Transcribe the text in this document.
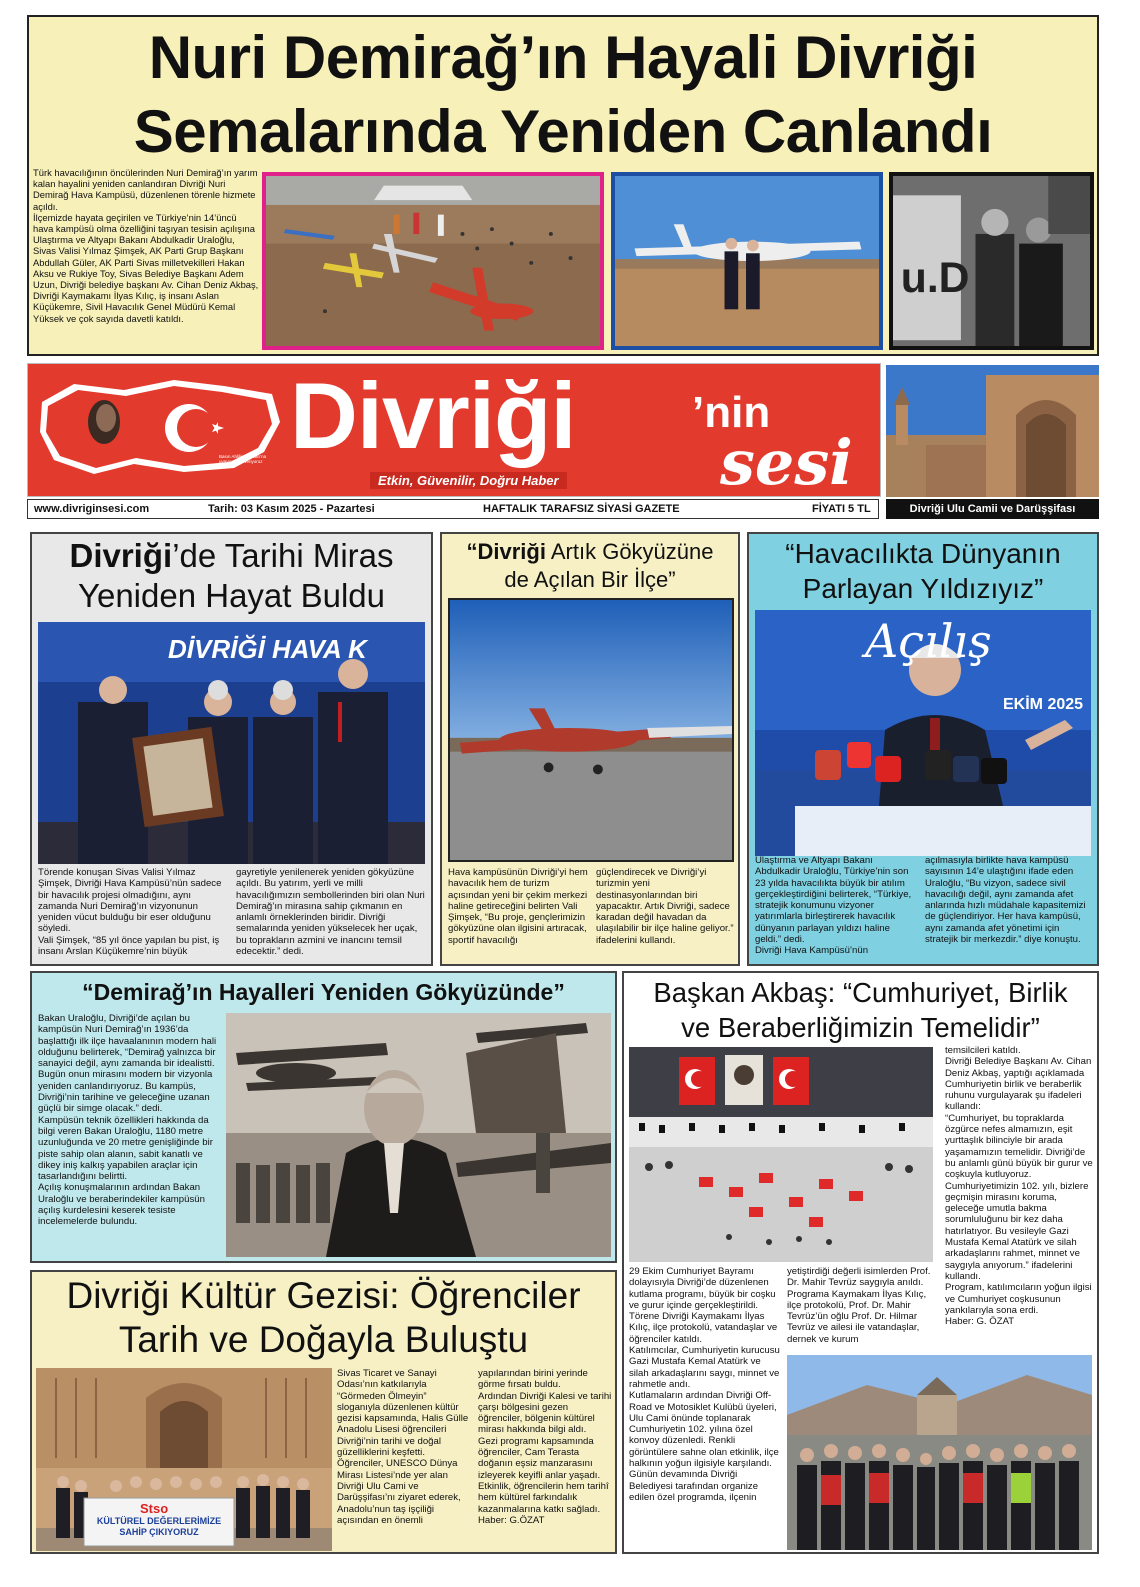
Nuri Demirağ’ın Hayali Divriği
Semalarında Yeniden Canlandı
Türk havacılığının öncülerinden Nuri Demirağ’ın yarım kalan hayalini yeniden canlandıran Divriği Nuri Demirağ Hava Kampüsü, düzenlenen törenle hizmete açıldı.
İlçemizde hayata geçirilen ve Türkiye’nin 14’üncü hava kampüsü olma özelliğini taşıyan tesisin açılışına Ulaştırma ve Altyapı Bakanı Abdulkadir Uraloğlu, Sivas Valisi Yılmaz Şimşek, AK Parti Grup Başkanı Abdullah Güler, AK Parti Sivas milletvekilleri Hakan Aksu ve Rukiye Toy, Sivas Belediye Başkanı Adem Uzun, Divriği belediye başkanı Av. Cihan Deniz Akbaş, Divriği Kaymakamı İlyas Kılıç, iş insanı Aslan Küçükemre, Sivil Havacılık Genel Müdürü Kemal Yüksek ve çok sayıda davetli katıldı.
u.D
Basın Ahlâk Esasları'na uymaya söz veriyoruz Divriği	’nin
sesi
Etkin, Güvenilir, Doğru Haber
www.divriginsesi.com	Tarih: 03 Kasım 2025 - Pazartesi	HAFTALIK TARAFSIZ SİYASİ GAZETE	FİYATI 5 TL	Divriği Ulu Camii ve Darüşşifası
Divriği’de Tarihi Miras
Yeniden Hayat Buldu
DİVRİĞİ HAVA K
Törende konuşan Sivas Valisi Yılmaz Şimşek, Divriği Hava Kampüsü’nün sadece bir havacılık projesi olmadığını, aynı zamanda Nuri Demirağ’ın vizyonunun yeniden vücut bulduğu bir eser olduğunu söyledi.
Vali Şimşek, “85 yıl önce yapılan bu pist, iş insanı Arslan Küçükemre’nin büyük
gayretiyle yenilenerek yeniden gökyüzüne açıldı. Bu yatırım, yerli ve milli havacılığımızın sembollerinden biri olan Nuri Demirağ’ın mirasına sahip çıkmanın en anlamlı örneklerinden biridir. Divriği semalarında yeniden yükselecek her uçak, bu toprakların azmini ve inancını temsil edecektir.” dedi.
“Divriği Artık Gökyüzüne
de Açılan Bir İlçe”
Hava kampüsünün Divriği’yi hem havacılık hem de turizm açısından yeni bir çekim merkezi haline getireceğini belirten Vali Şimşek, “Bu proje, gençlerimizin gökyüzüne olan ilgisini artıracak, sportif havacılığı
güçlendirecek ve Divriği’yi turizmin yeni destinasyonlarından biri yapacaktır. Artık Divriği, sadece karadan değil havadan da ulaşılabilir bir ilçe haline geliyor.” ifadelerini kullandı.
“Havacılıkta Dünyanın
Parlayan Yıldızıyız”
Açılış
EKİM 2025
Ulaştırma ve Altyapı Bakanı Abdulkadir Uraloğlu, Türkiye’nin son 23 yılda havacılıkta büyük bir atılım gerçekleştirdiğini belirterek, “Türkiye, stratejik konumunu vizyoner yatırımlarla birleştirerek havacılık dünyanın parlayan yıldızı haline geldi.” dedi.
Divriği Hava Kampüsü’nün
açılmasıyla birlikte hava kampüsü sayısının 14’e ulaştığını ifade eden Uraloğlu, “Bu vizyon, sadece sivil havacılığı değil, aynı zamanda afet anlarında hızlı müdahale kapasitemizi de güçlendiriyor. Her hava kampüsü, aynı zamanda afet yönetimi için stratejik bir merkezdir.” diye konuştu.
“Demirağ’ın Hayalleri Yeniden Gökyüzünde”
Bakan Uraloğlu, Divriği’de açılan bu kampüsün Nuri Demirağ’ın 1936’da başlattığı ilk ilçe havaalanının modern hali olduğunu belirterek, “Demirağ yalnızca bir sanayici değil, aynı zamanda bir idealistti. Bugün onun mirasını modern bir vizyonla yeniden canlandırıyoruz. Bu kampüs, Divriği’nin tarihine ve geleceğine uzanan güçlü bir simge olacak.” dedi.
Kampüsün teknik özellikleri hakkında da bilgi veren Bakan Uraloğlu, 1180 metre uzunluğunda ve 20 metre genişliğinde bir piste sahip olan alanın, sabit kanatlı ve dikey iniş kalkış yapabilen araçlar için tasarlandığını belirtti.
Açılış konuşmalarının ardından Bakan Uraloğlu ve beraberindekiler kampüsün açılış kurdelesini keserek tesiste incelemelerde bulundu.
Başkan Akbaş: “Cumhuriyet, Birlik
ve Beraberliğimizin Temelidir”
29 Ekim Cumhuriyet Bayramı dolayısıyla Divriği’de düzenlenen kutlama programı, büyük bir coşku ve gurur içinde gerçekleştirildi.
Törene Divriği Kaymakamı İlyas Kılıç, ilçe protokolü, vatandaşlar ve öğrenciler katıldı.
Katılımcılar, Cumhuriyetin kurucusu Gazi Mustafa Kemal Atatürk ve silah arkadaşlarını saygı, minnet ve rahmetle andı.
Kutlamaların ardından Divriği Off-Road ve Motosiklet Kulübü üyeleri, Ulu Cami önünde toplanarak Cumhuriyetin 102. yılına özel konvoy düzenledi. Renkli görüntülere sahne olan etkinlik, ilçe halkının yoğun ilgisiyle karşılandı.
Günün devamında Divriği Belediyesi tarafından organize edilen özel programda, ilçenin
yetiştirdiği değerli isimlerden Prof. Dr. Mahir Tevrüz saygıyla anıldı. Programa Kaymakam İlyas Kılıç, ilçe protokolü, Prof. Dr. Mahir Tevrüz’ün oğlu Prof. Dr. Hilmar Tevrüz ve ailesi ile vatandaşlar, dernek ve kurum
temsilcileri katıldı.
Divriği Belediye Başkanı Av. Cihan Deniz Akbaş, yaptığı açıklamada Cumhuriyetin birlik ve beraberlik ruhunu vurgulayarak şu ifadeleri kullandı:
“Cumhuriyet, bu topraklarda özgürce nefes almamızın, eşit yurttaşlık bilinciyle bir arada yaşamamızın temelidir. Divriği’de bu anlamlı günü büyük bir gurur ve coşkuyla kutluyoruz. Cumhuriyetimizin 102. yılı, bizlere geçmişin mirasını koruma, geleceğe umutla bakma sorumluluğunu bir kez daha hatırlatıyor. Bu vesileyle Gazi Mustafa Kemal Atatürk ve silah arkadaşlarını rahmet, minnet ve saygıyla anıyorum.” ifadelerini kullandı.
Program, katılımcıların yoğun ilgisi ve Cumhuriyet coşkusunun yankılarıyla sona erdi.
Haber: G. ÖZAT
Divriği Kültür Gezisi: Öğrenciler
Tarih ve Doğayla Buluştu
Stso
KÜLTÜREL DEĞERLERİMİZE SAHİP ÇIKIYORUZ
Sivas Ticaret ve Sanayi Odası’nın katkılarıyla “Görmeden Ölmeyin” sloganıyla düzenlenen kültür gezisi kapsamında, Halis Gülle Anadolu Lisesi öğrencileri Divriği’nin tarihi ve doğal güzelliklerini keşfetti.
Öğrenciler, UNESCO Dünya Mirası Listesi’nde yer alan Divriği Ulu Cami ve Darüşşifası’nı ziyaret ederek, Anadolu’nun taş işçiliği açısından en önemli
yapılarından birini yerinde görme fırsatı buldu.
Ardından Divriği Kalesi ve tarihi çarşı bölgesini gezen öğrenciler, bölgenin kültürel mirası hakkında bilgi aldı.
Gezi programı kapsamında öğrenciler, Cam Terasta doğanın eşsiz manzarasını izleyerek keyifli anlar yaşadı.
Etkinlik, öğrencilerin hem tarihî hem kültürel farkındalık kazanmalarına katkı sağladı.
Haber: G.ÖZAT
